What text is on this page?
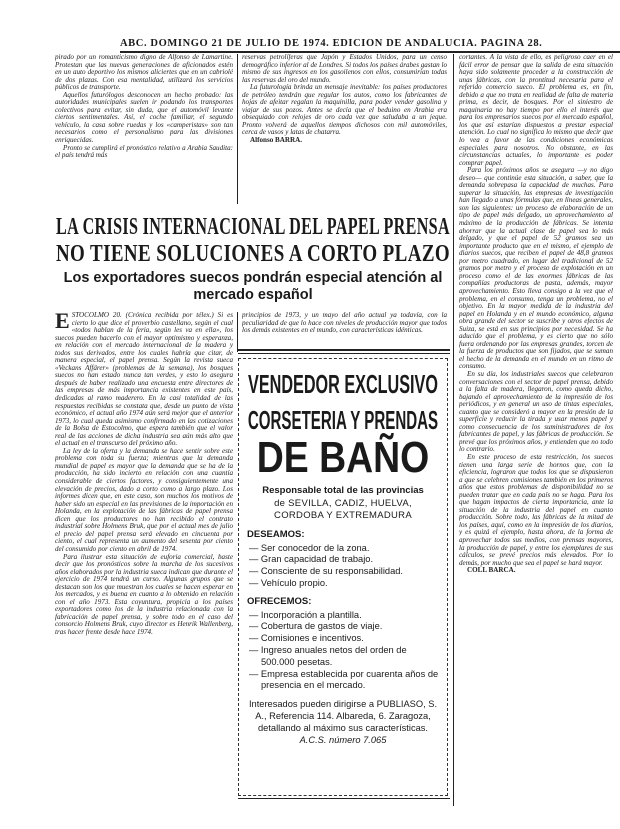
ABC. DOMINGO 21 DE JULIO DE 1974. EDICION DE ANDALUCIA. PAGINA 28.

pirado por un romanticismo digno de Alfonso de Lamartine. Protestan que las nuevas generaciones de aficionados estén en un auto deportivo los mismos aliciertes que en un cabriolé de dos plazas. Con esa mentalidad, utilizará los servicios públicos de transporte.

Aquellos futurólogos desconocen un hecho probado: las autoridades municipales suelen ir podando los transportes colectivos para evitar, sin duda, que el automóvil levante ciertos sentimentales. Así, el coche familiar, el segundo vehículo, la casa sobre ruedas y los «camperistas» son tan necesarios como el personalismo para las divisiones enriquecidas.

Pronto se cumplirá el pronóstico relativo a Arabia Saudita: el país tendrá más

reservas petrolíferas que Japón y Estados Unidos, para un censo demográfico inferior al de Londres. Si todos los países árabes gastan lo mismo de sus ingresos en los gasoilenos con ellos, consumirían todas las reservas del oro del mundo.

La futurología brinda un mensaje inevitable: los países productores de petróleo tendrán que regular los autos, como los fabricantes de hojas de afeitar regalan la maquinilla, para poder vender gasolina y viajar de sus pozos. Antes se decía que el beduino en Arabia era obsequiado con relojes de oro cada vez que saludaba a un jeque. Pronto volverá de aquellos tiempos dichosos con mil automóviles, cerca de vasos y latas de chatarra.

Alfonso BARRA.

cortantes. A la vista de ello, es peligroso caer en el fácil error de pensar que la salida de esta situación haya sido solamente proceder a la construcción de unas fábricas, con la prontitud necesaria para el referido comercio sueco. El problema es, en fin, debido a que no trata en realidad de falta de materia prima, es decir, de bosques. Por el siniestro de maquinaria no hay tiempo por ello el interés que para los empresarios suecos por el mercado español, los que así estarían dispuestos a prestar especial atención. Lo cual no significa lo mismo que decir que lo vea a favor de las condiciones económicas especiales para nosotros. No obstante, en las circunstancias actuales, lo importante es poder comprar papel.

Para los próximos años se asegura —y no digo deseo— que continúe esta situación, a saber, que la demanda sobrepasa la capacidad de muchas. Para superar la situación, las empresas de investigación han llegado a unas fórmulas que, en líneas generales, son las siguientes: un proceso de elaboración de un tipo de papel más delgado, un aprovechamiento al máximo de la producción de fábricas. Se intenta ahorrar que la actual clase de papel sea lo más delgado, y que el papel de 52 gramos sea un importante producto que en el mismo, el ejemplo de diarios suecos, que reciben el papel de 48,8 gramos por metro cuadrado, en lugar del tradicional de 52 gramos por metro y el proceso de explotación en un proceso como el de las enormes fábricas de las compañías productoras de pasta, además, mayor aprovechamiento. Esto lleva consigo a la vez que el problema, en el consumo, tenga un problema, no el objetivo. En la mayor medida de la industria del papel en Holanda y en el mundo económico, alguna obra grande del sector se suscribe y otros efectos de Suiza, se está en sus principios por necesidad. Se ha aducido que el problema, y es cierto que no sólo fuera ordenando por las empresas grandes, torcen de la fuerza de productos que son fijados, que se suman el hecho de la demanda en el mundo en un ritmo de consumo.

En su día, los industriales suecos que celebraron conversaciones con el sector de papel prensa, debido a la falta de madera, llegaron, como queda dicho, bajando el aprovechamiento de la impresión de los periódicos, y en general un uso de tintas especiales, cuanto que se consideró a mayor en la presión de la superficie y reducir la tirada y usar menos papel y como consecuencia de los suministradores de los fabricantes de papel, y las fábricas de producción. Se prevé que los próximos años, y entienden que no todo lo contrario.

En este proceso de esta restricción, los suecos tienen una larga serie de hornos que, con la eficiencia, lograron que todos los que se dispusieron a que se celebren comisiones también en los primeros años que estos problemas de disponibilidad no se pueden tratar que en cada país no se haga. Para los que hagan impactos de cierta importancia, ante la situación de la industria del papel en cuanto producción. Sobre todo, las fábricas de la mitad de los países, aquí, como en la impresión de los diarios, y es quizá el ejemplo, hasta ahora, de la forma de aprovechar todos sus medios, con prensas mayores, la producción de papel, y entre los ejemplares de sus cálculos, se prevé precios más elevados. Por lo demás, por mucho que sea el papel se hará mayor.

COLL BARCA.

LA CRISIS INTERNACIONAL DEL PAPEL PRENSA
NO TIENE SOLUCIONES A CORTO PLAZO
Los exportadores suecos pondrán especial atención al mercado español
E STOCOLMO 20. (Crónica recibida por télex.) Si es cierto lo que dice el proverbio castellano, según el cual «todos hablan de la feria, según les va en ella», los suecos pueden hacerlo con el mayor optimismo y esperanza, en relación con el mercado internacional de la madera y todos sus derivados, entre los cuales habría que citar, de manera especial, el papel prensa. Según la revista sueca «Veckans Affärer» (problemas de la semana), los bosques suecos no han estado nunca tan verdes, y esto lo asegura después de haber realizado una encuesta entre directores de las empresas de más importancia existentes en este país, dedicadas al ramo maderero. En la casi totalidad de las respuestas recibidas se constata que, desde un punto de vista económico, el actual año 1974 aún será mejor que el anterior 1973, lo cual queda asimismo confirmado en las cotizaciones de la Bolsa de Estocolmo, que espera también que el valor real de las acciones de dicha industria sea aún más alto que el actual en el transcurso del próximo año.

La ley de la oferta y la demanda se hace sentir sobre este problema con toda su fuerza; mientras que la demanda mundial de papel es mayor que la demanda que se ha de la producción, ha sido incierto en relación con una cuantía considerable de ciertos factores, y consiguientemente una elevación de precios, dado a corto como a largo plazo. Los informes dicen que, en este caso, son muchos los motivos de haber sido un especial en las previsiones de la importación en Holanda, en la explotación de las fábricas de papel prensa dicen que los productores no han recibido el contrato industrial sobre Holmens Bruk, que por el actual mes de julio el precio del papel prensa será elevado en cincuenta por ciento, el cual representa un aumento del sesenta por ciento del consumido por ciento en abril de 1974.

Para ilustrar esta situación de euforia comercial, baste decir que los pronósticos sobre la marcha de los sucesivos años elaborados por la industria sueca indican que durante el ejercicio de 1974 tendrá un curso. Algunas grupos que se destacan son los que muestran los cuales se hacen esperar en los mercados, y es buena en cuanto a lo obtenido en relación con el año 1973. Esta coyuntura, propicia a los países exportadores como los de la industria relacionada con la fabricación de papel prensa, y sobre todo en el caso del consorcio Holmens Bruk, cuyo director es Henrik Wallenberg, tras hacer frente desde hace 1974.

principios de 1973, y un mayo del año actual ya todavía, con la peculiaridad de que lo hace con niveles de producción mayor que todos los demás existentes en el mundo, con características idénticas.

VENDEDOR EXCLUSIVO
CORSETERIA Y PRENDAS
DE BAÑO
Responsable total de las provincias
de SEVILLA, CADIZ, HUELVA,
CORDOBA Y EXTREMADURA
DESEAMOS:
— Ser conocedor de la zona.
— Gran capacidad de trabajo.
— Consciente de su responsabilidad.
— Vehículo propio.
OFRECEMOS:
— Incorporación a plantilla.
— Cobertura de gastos de viaje.
— Comisiones e incentivos.
— Ingreso anuales netos del orden de 500.000 pesetas.
— Empresa establecida por cuarenta años de presencia en el mercado.
Interesados pueden dirigirse a PUBLIASO, S. A., Referencia 114. Albareda, 6. Zaragoza, detallando al máximo sus características.
A.C.S. número 7.065
